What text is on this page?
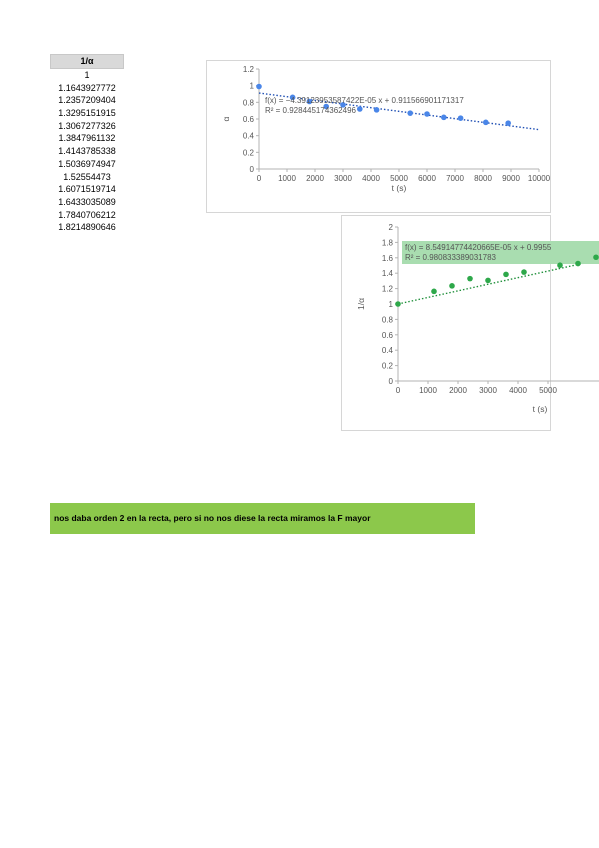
1/α
1
1.1643927772
1.2357209404
1.3295151915
1.3067277326
1.3847961132
1.4143785338
1.5036974947
1.52554473
1.6071519714
1.6433035089
1.7840706212
1.8214890646
0
0.2
0.4
0.6
0.8
1
1.2
0 1000 2000 3000 4000 5000 6000 7000 8000 9000 10000
t (s)
α
f(x) = −4.39123953587422E-05 x + 0.911566901171317
R² = 0.928445174362496
0
0.2
0.4
0.6
0.8
1
1.2
1.4
1.6
1.8
2
0 1000 2000 3000 4000 5000
t (s)
1/α
f(x) = 8.54914774420665E-05 x + 0.9955
R² = 0.980833389031783
nos daba orden 2 en la recta, pero si no nos diese la recta miramos la F mayor
